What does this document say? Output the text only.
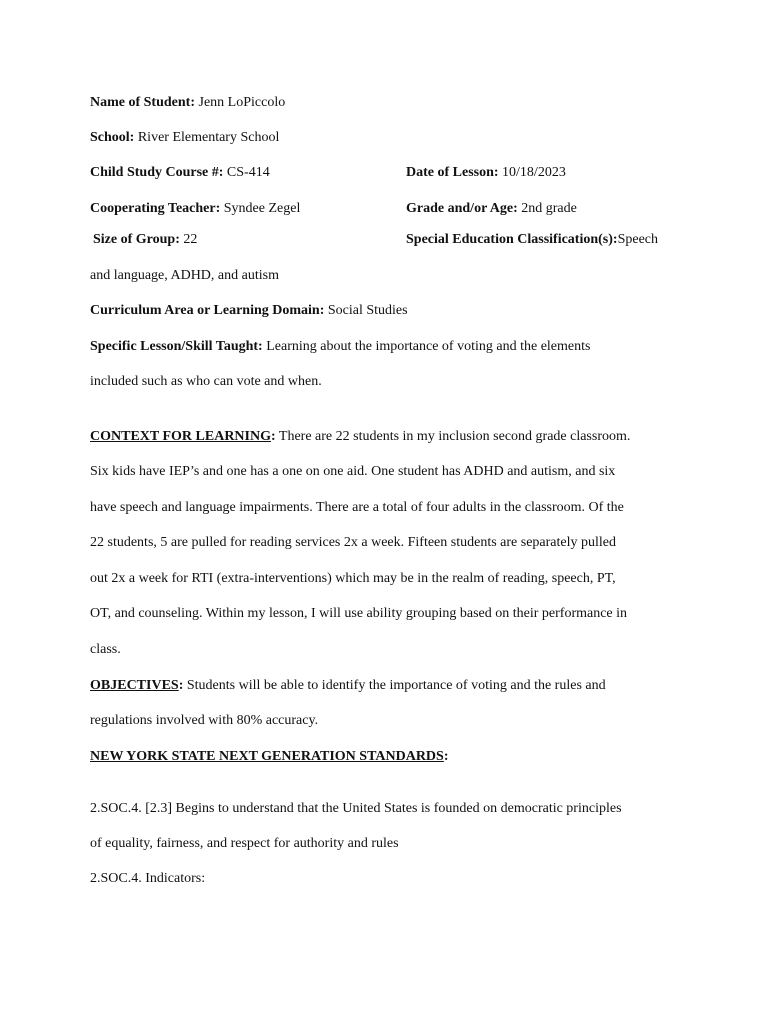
Name of Student: Jenn LoPiccolo
School: River Elementary School
Child Study Course #: CS-414	Date of Lesson: 10/18/2023
Cooperating Teacher: Syndee Zegel	Grade and/or Age: 2nd grade
Size of Group: 22	Special Education Classification(s):Speech
and language, ADHD, and autism
Curriculum Area or Learning Domain: Social Studies
Specific Lesson/Skill Taught: Learning about the importance of voting and the elements
included such as who can vote and when.
CONTEXT FOR LEARNING: There are 22 students in my inclusion second grade classroom.
Six kids have IEP’s and one has a one on one aid. One student has ADHD and autism, and six
have speech and language impairments. There are a total of four adults in the classroom. Of the
22 students, 5 are pulled for reading services 2x a week. Fifteen students are separately pulled
out 2x a week for RTI (extra-interventions) which may be in the realm of reading, speech, PT,
OT, and counseling. Within my lesson, I will use ability grouping based on their performance in
class.
OBJECTIVES: Students will be able to identify the importance of voting and the rules and
regulations involved with 80% accuracy.
NEW YORK STATE NEXT GENERATION STANDARDS:
2.SOC.4. [2.3] Begins to understand that the United States is founded on democratic principles
of equality, fairness, and respect for authority and rules
2.SOC.4. Indicators:
